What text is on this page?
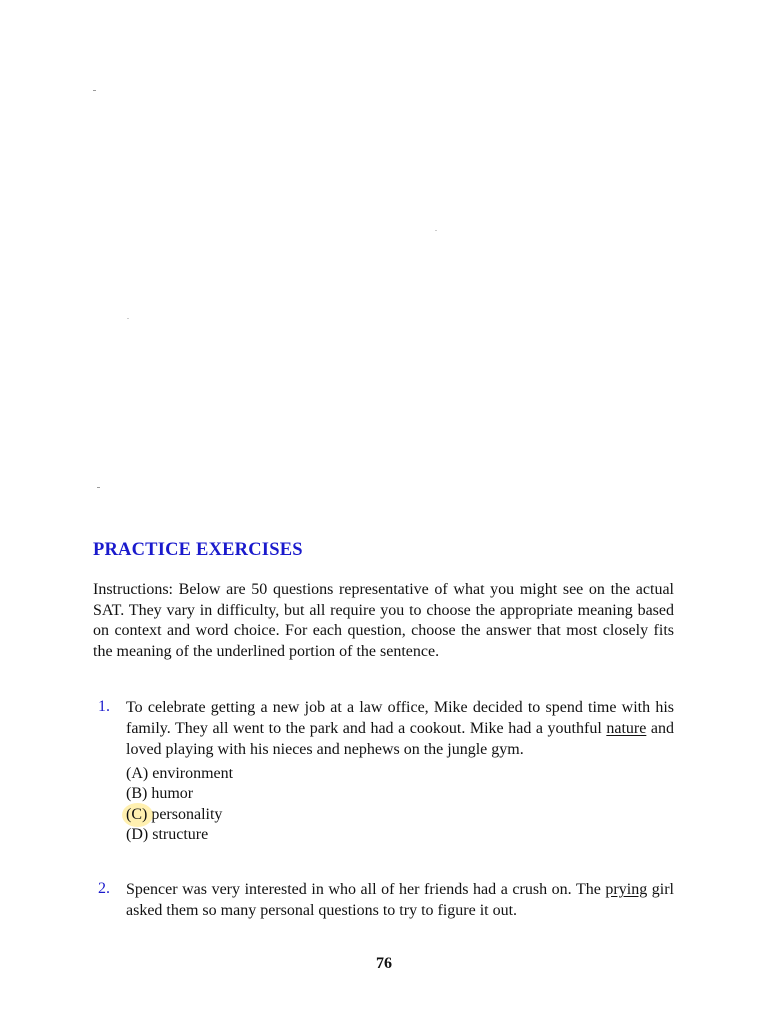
PRACTICE EXERCISES

Instructions: Below are 50 questions representative of what you might see on the actual SAT. They vary in difficulty, but all require you to choose the appropriate meaning based on context and word choice. For each question, choose the answer that most closely fits the meaning of the underlined portion of the sentence.

1. To celebrate getting a new job at a law office, Mike decided to spend time with his family. They all went to the park and had a cookout. Mike had a youthful nature and loved playing with his nieces and nephews on the jungle gym.
(A) environment
(B) humor
(C) personality
(D) structure
2. Spencer was very interested in who all of her friends had a crush on. The prying girl asked them so many personal questions to try to figure it out.
76
